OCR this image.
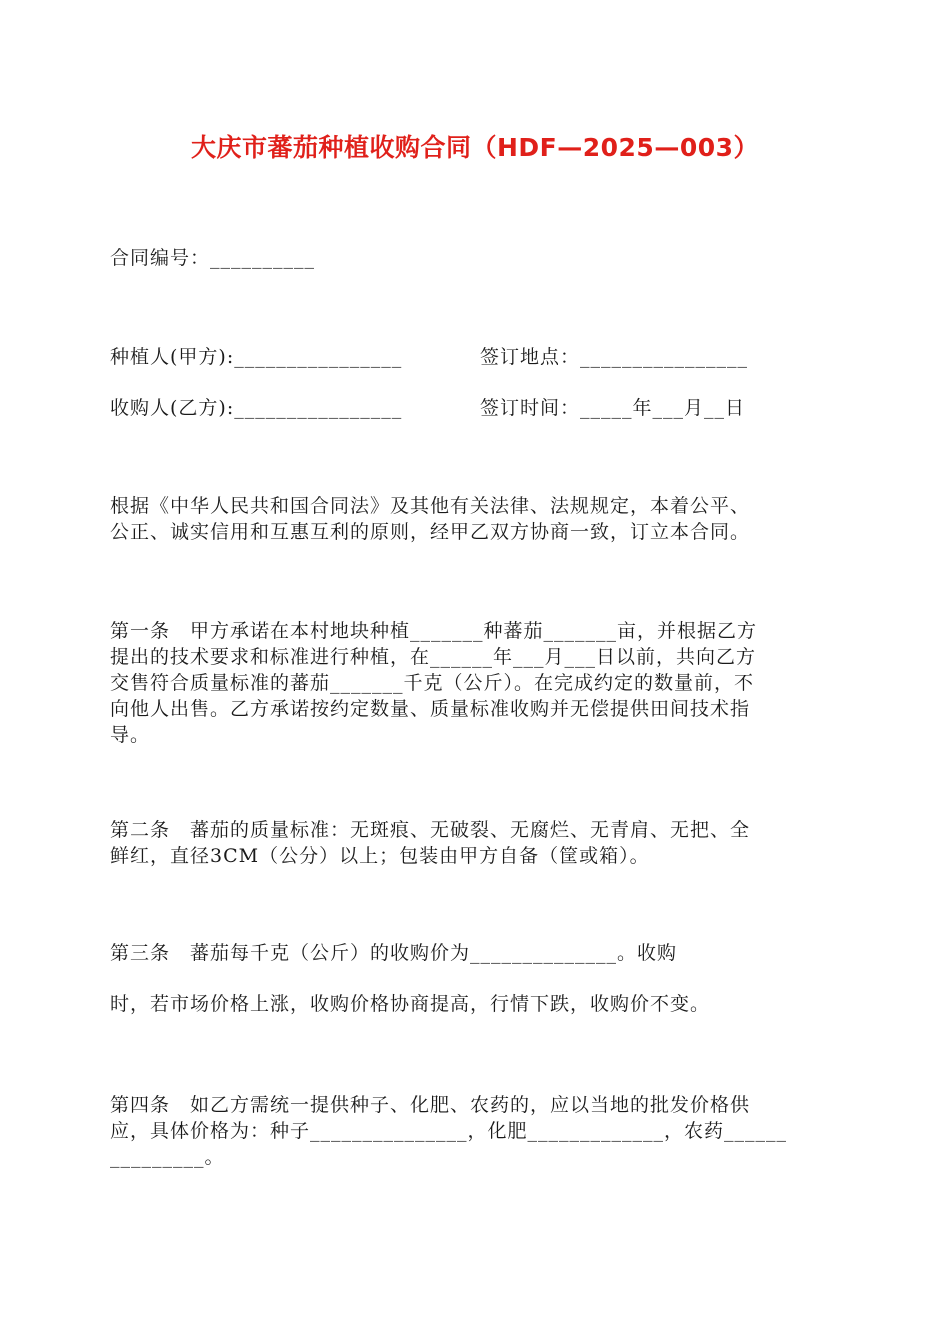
大庆市蕃茄种植收购合同（HDF—2025—003）
合同编号：__________
种植人(甲方):________________	签订地点：________________
收购人(乙方):________________	签订时间：_____年___月__日
根据《中华人民共和国合同法》及其他有关法律、法规规定，本着公平、
公正、诚实信用和互惠互利的原则，经甲乙双方协商一致，订立本合同。
第一条　甲方承诺在本村地块种植_______种蕃茄_______亩，并根据乙方
提出的技术要求和标准进行种植，在______年___月___日以前，共向乙方
交售符合质量标准的蕃茄_______千克（公斤）。在完成约定的数量前，不
向他人出售。乙方承诺按约定数量、质量标准收购并无偿提供田间技术指
导。
第二条　蕃茄的质量标准：无斑痕、无破裂、无腐烂、无青肩、无把、全
鲜红，直径3CM（公分）以上；包装由甲方自备（筐或箱）。
第三条　蕃茄每千克（公斤）的收购价为______________。收购
时，若市场价格上涨，收购价格协商提高，行情下跌，收购价不变。
第四条　如乙方需统一提供种子、化肥、农药的，应以当地的批发价格供
应，具体价格为：种子_______________，化肥_____________，农药______
_________。
